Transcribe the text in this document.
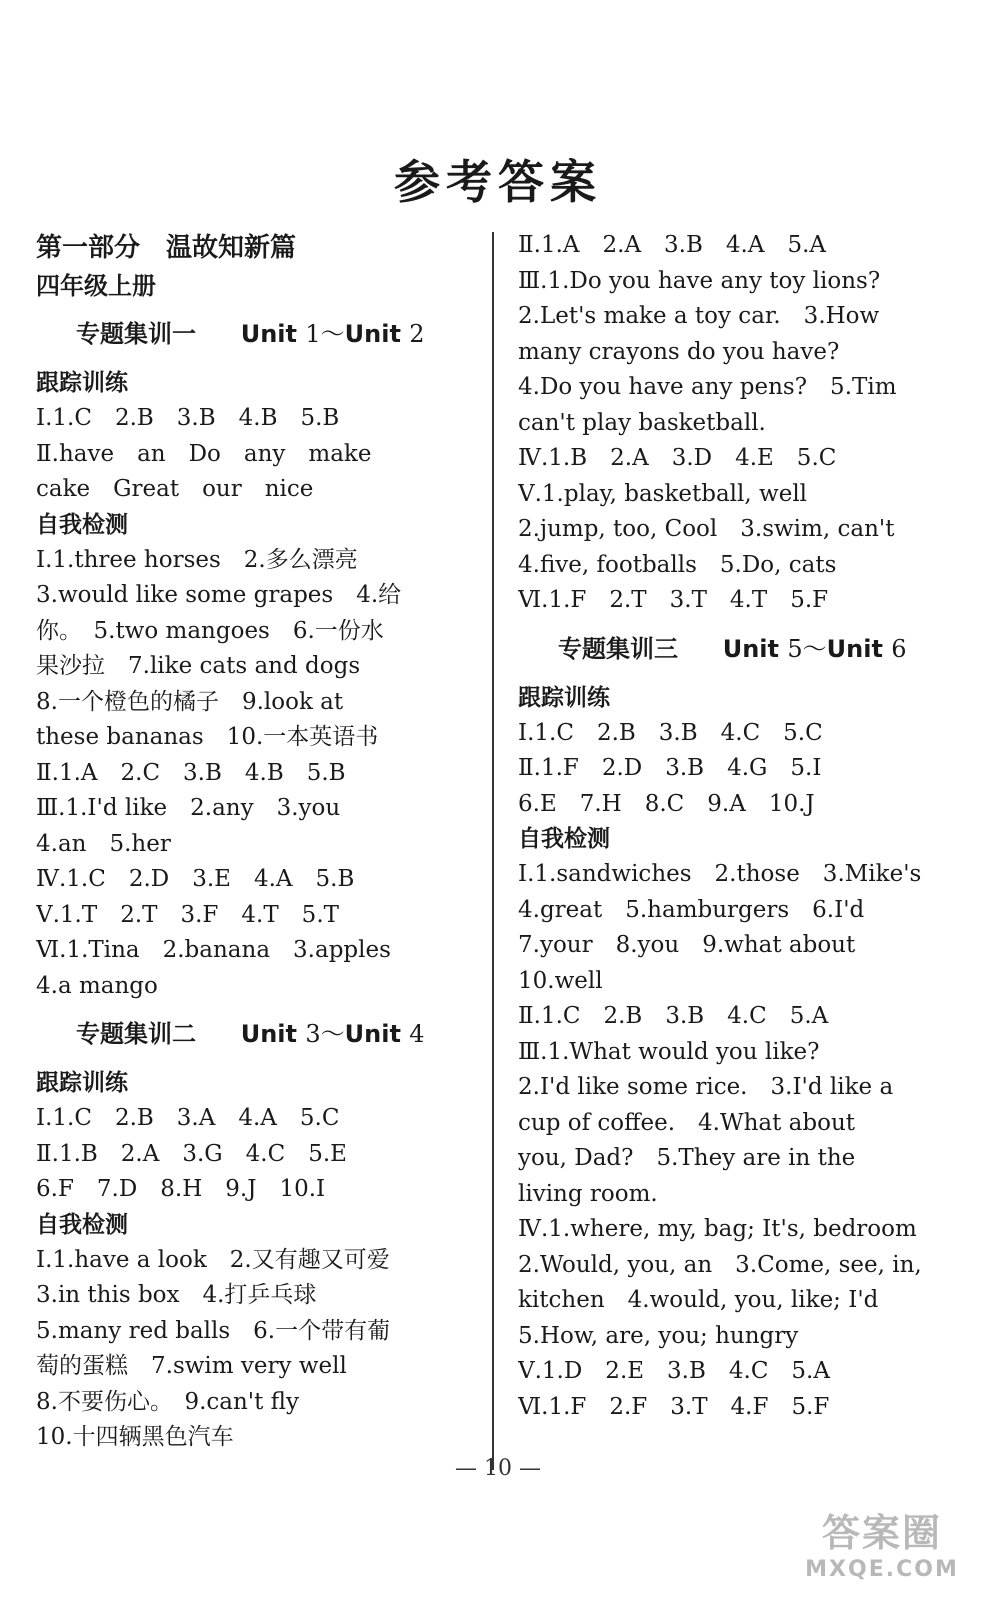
参考答案
第一部分　温故知新篇
四年级上册
专题集训一 Unit 1～Unit 2
跟踪训练
Ⅰ.1.C　2.B　3.B　4.B　5.B
Ⅱ.have　an　Do　any　make
cake　Great　our　nice
自我检测
Ⅰ.1.three horses　2.多么漂亮
3.would like some grapes　4.给
你。　5.two mangoes　6.一份水
果沙拉　7.like cats and dogs
8.一个橙色的橘子　9.look at
these bananas　10.一本英语书
Ⅱ.1.A　2.C　3.B　4.B　5.B
Ⅲ.1.I'd like　2.any　3.you
4.an　5.her
Ⅳ.1.C　2.D　3.E　4.A　5.B
Ⅴ.1.T　2.T　3.F　4.T　5.T
Ⅵ.1.Tina　2.banana　3.apples
4.a mango
专题集训二 Unit 3～Unit 4
跟踪训练
Ⅰ.1.C　2.B　3.A　4.A　5.C
Ⅱ.1.B　2.A　3.G　4.C　5.E
6.F　7.D　8.H　9.J　10.I
自我检测
Ⅰ.1.have a look　2.又有趣又可爱
3.in this box　4.打乒乓球
5.many red balls　6.一个带有葡
萄的蛋糕　7.swim very well
8.不要伤心。　9.can't fly
10.十四辆黑色汽车
Ⅱ.1.A　2.A　3.B　4.A　5.A
Ⅲ.1.Do you have any toy lions?
2.Let's make a toy car.　3.How
many crayons do you have?
4.Do you have any pens?　5.Tim
can't play basketball.
Ⅳ.1.B　2.A　3.D　4.E　5.C
Ⅴ.1.play, basketball, well
2.jump, too, Cool　3.swim, can't
4.five, footballs　5.Do, cats
Ⅵ.1.F　2.T　3.T　4.T　5.F
专题集训三 Unit 5～Unit 6
跟踪训练
Ⅰ.1.C　2.B　3.B　4.C　5.C
Ⅱ.1.F　2.D　3.B　4.G　5.I
6.E　7.H　8.C　9.A　10.J
自我检测
Ⅰ.1.sandwiches　2.those　3.Mike's
4.great　5.hamburgers　6.I'd
7.your　8.you　9.what about
10.well
Ⅱ.1.C　2.B　3.B　4.C　5.A
Ⅲ.1.What would you like?
2.I'd like some rice.　3.I'd like a
cup of coffee.　4.What about
you, Dad?　5.They are in the
living room.
Ⅳ.1.where, my, bag; It's, bedroom
2.Would, you, an　3.Come, see, in,
kitchen　4.would, you, like; I'd
5.How, are, you; hungry
Ⅴ.1.D　2.E　3.B　4.C　5.A
Ⅵ.1.F　2.F　3.T　4.F　5.F
— 10 —
答案圈
MXQE.COM
